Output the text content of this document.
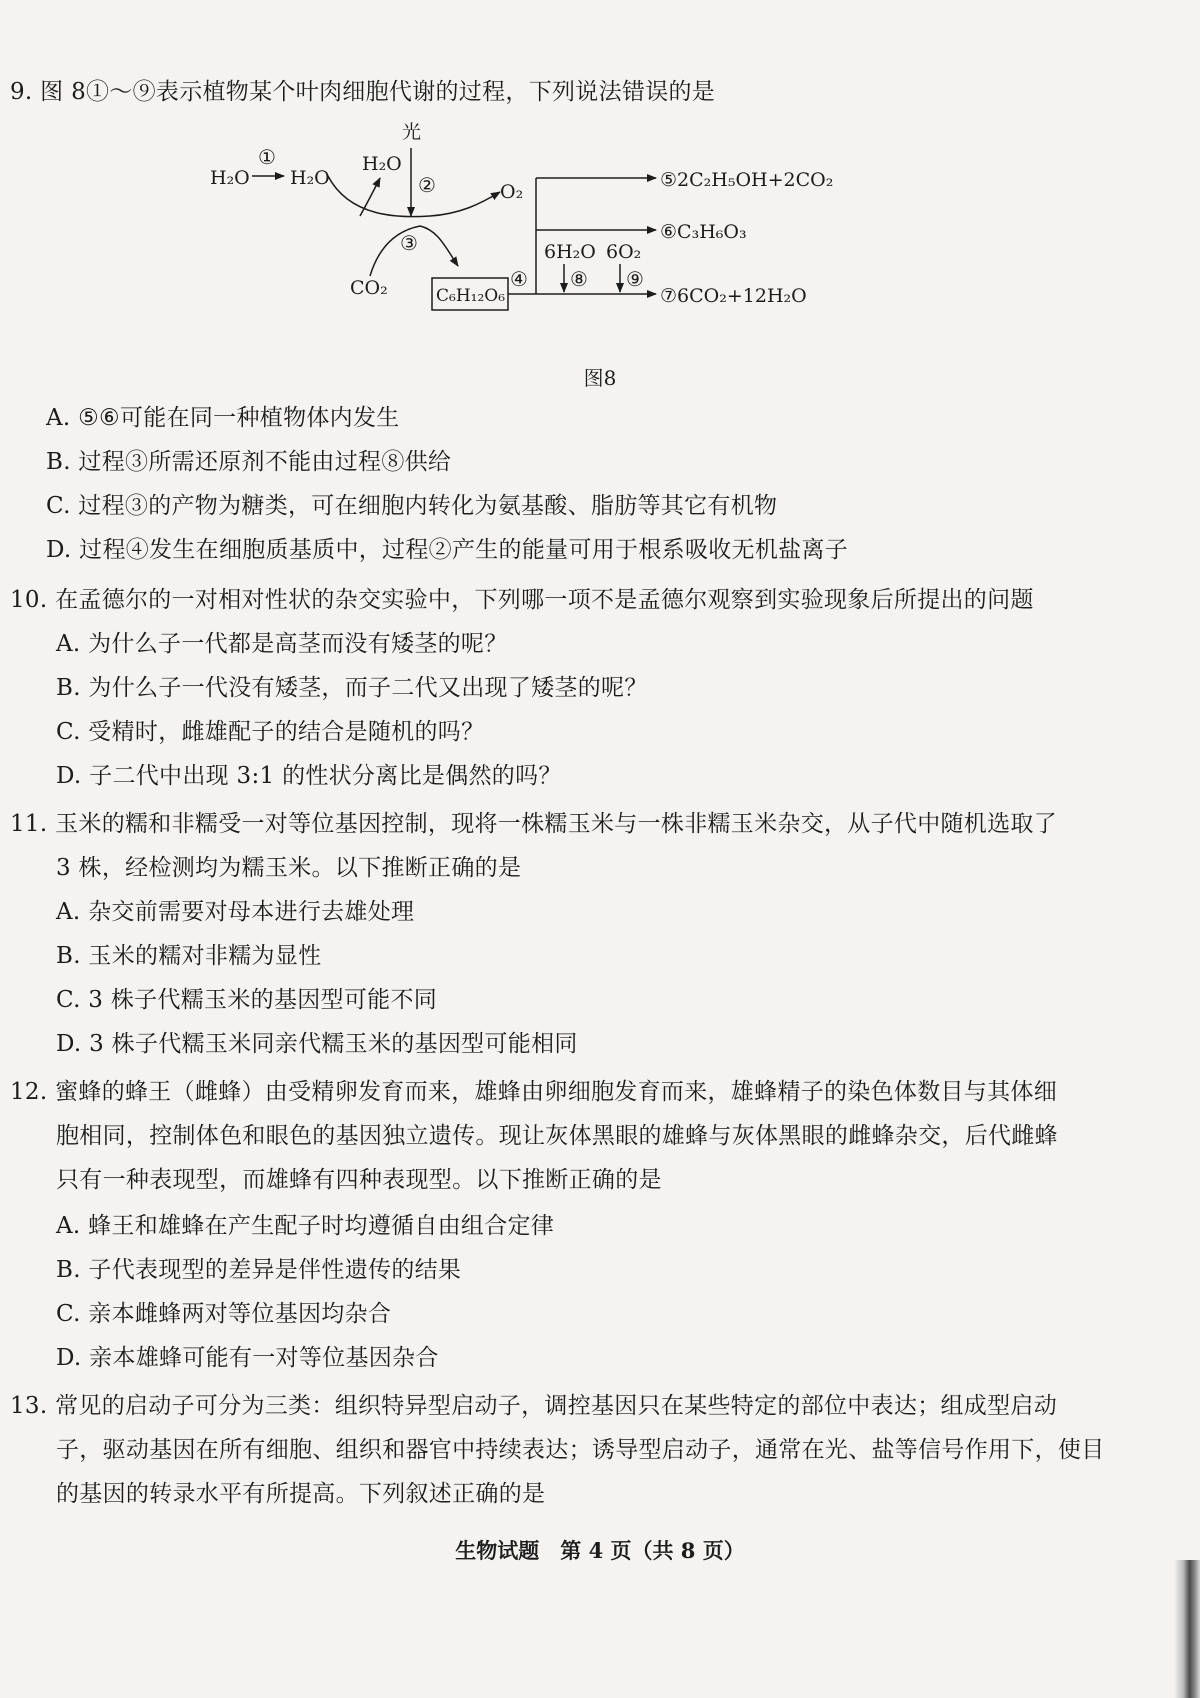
9. 图 8①～⑨表示植物某个叶肉细胞代谢的过程，下列说法错误的是
H₂O
①
H₂O
H₂O
光
②	O₂
③
CO₂	C₆H₁₂O₆
④
6H₂O 6O₂
⑧ ⑨
⑤2C₂H₅OH+2CO₂
⑥C₃H₆O₃
⑦6CO₂+12H₂O
图8
A. ⑤⑥可能在同一种植物体内发生
B. 过程③所需还原剂不能由过程⑧供给
C. 过程③的产物为糖类，可在细胞内转化为氨基酸、脂肪等其它有机物
D. 过程④发生在细胞质基质中，过程②产生的能量可用于根系吸收无机盐离子
10. 在孟德尔的一对相对性状的杂交实验中，下列哪一项不是孟德尔观察到实验现象后所提出的问题
A. 为什么子一代都是高茎而没有矮茎的呢？
B. 为什么子一代没有矮茎，而子二代又出现了矮茎的呢？
C. 受精时，雌雄配子的结合是随机的吗？
D. 子二代中出现 3:1 的性状分离比是偶然的吗？
11. 玉米的糯和非糯受一对等位基因控制，现将一株糯玉米与一株非糯玉米杂交，从子代中随机选取了
3 株，经检测均为糯玉米。以下推断正确的是
A. 杂交前需要对母本进行去雄处理
B. 玉米的糯对非糯为显性
C. 3 株子代糯玉米的基因型可能不同
D. 3 株子代糯玉米同亲代糯玉米的基因型可能相同
12. 蜜蜂的蜂王（雌蜂）由受精卵发育而来，雄蜂由卵细胞发育而来，雄蜂精子的染色体数目与其体细
胞相同，控制体色和眼色的基因独立遗传。现让灰体黑眼的雄蜂与灰体黑眼的雌蜂杂交，后代雌蜂
只有一种表现型，而雄蜂有四种表现型。以下推断正确的是
A. 蜂王和雄蜂在产生配子时均遵循自由组合定律
B. 子代表现型的差异是伴性遗传的结果
C. 亲本雌蜂两对等位基因均杂合
D. 亲本雄蜂可能有一对等位基因杂合
13. 常见的启动子可分为三类：组织特异型启动子，调控基因只在某些特定的部位中表达；组成型启动
子，驱动基因在所有细胞、组织和器官中持续表达；诱导型启动子，通常在光、盐等信号作用下，使目
的基因的转录水平有所提高。下列叙述正确的是
生物试题　第 4 页（共 8 页）
